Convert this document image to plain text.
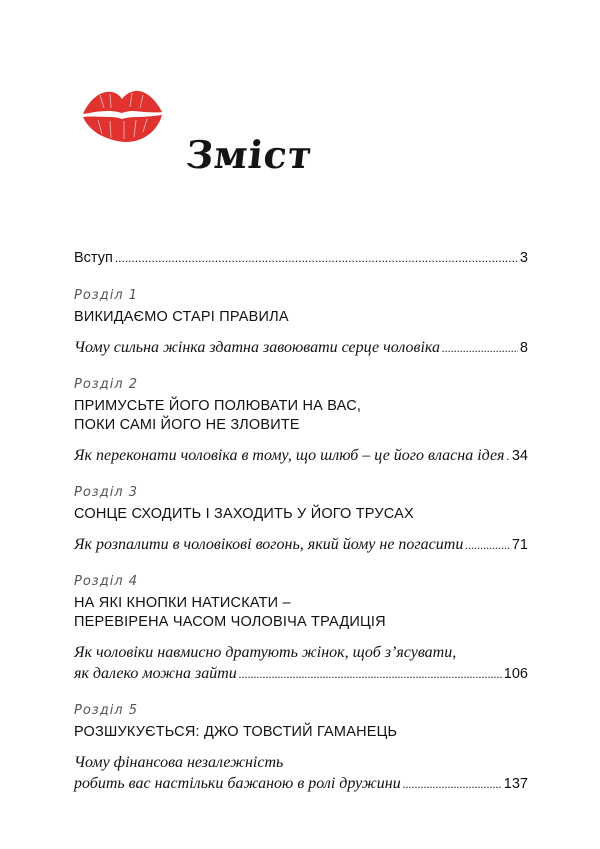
Зміст
Вступ .....	3
Розділ 1
ВИКИДАЄМО СТАРІ ПРАВИЛА
Чому сильна жінка здатна завоювати серце чоловіка .....	8
Розділ 2
ПРИМУСЬТЕ ЙОГО ПОЛЮВАТИ НА ВАС,
ПОКИ САМІ ЙОГО НЕ ЗЛОВИТЕ
Як переконати чоловіка в тому, що шлюб – це його власна ідея ..... 34
Розділ 3
СОНЦЕ СХОДИТЬ І ЗАХОДИТЬ У ЙОГО ТРУСАХ
Як розпалити в чоловікові вогонь, який йому не погасити .....	71
Розділ 4
НА ЯКІ КНОПКИ НАТИСКАТИ –
ПЕРЕВІРЕНА ЧАСОМ ЧОЛОВІЧА ТРАДИЦІЯ
Як чоловіки навмисно дратують жінок, щоб з’ясувати,
як далеко можна зайти .....	106
Розділ 5
РОЗШУКУЄТЬСЯ: ДЖО ТОВСТИЙ ГАМАНЕЦЬ
Чому фінансова незалежність
робить вас настільки бажаною в ролі дружини .....	137
